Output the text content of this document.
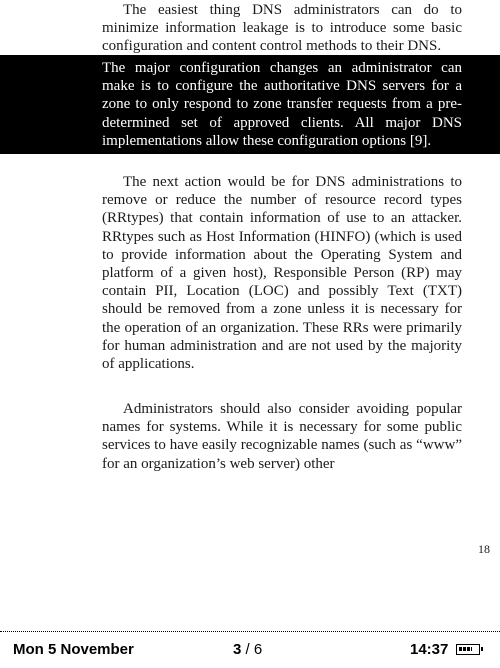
The easiest thing DNS administrators can do to minimize information leakage is to introduce some basic configuration and content control methods to their DNS.

The major configuration changes an administrator can make is to configure the authoritative DNS servers for a zone to only respond to zone transfer requests from a pre-determined set of approved clients. All major DNS implementations allow these configuration options [9].

The next action would be for DNS administrations to remove or reduce the number of resource record types (RRtypes) that contain information of use to an attacker. RRtypes such as Host Information (HINFO) (which is used to provide information about the Operating System and platform of a given host), Responsible Person (RP) may contain PII, Location (LOC) and possibly Text (TXT) should be removed from a zone unless it is necessary for the operation of an organization. These RRs were primarily for human administration and are not used by the majority of applications.

Administrators should also consider avoiding popular names for systems. While it is necessary for some public services to have easily recognizable names (such as “www” for an organization’s web server) other

18
Mon 5 November	3 / 6	14:37
